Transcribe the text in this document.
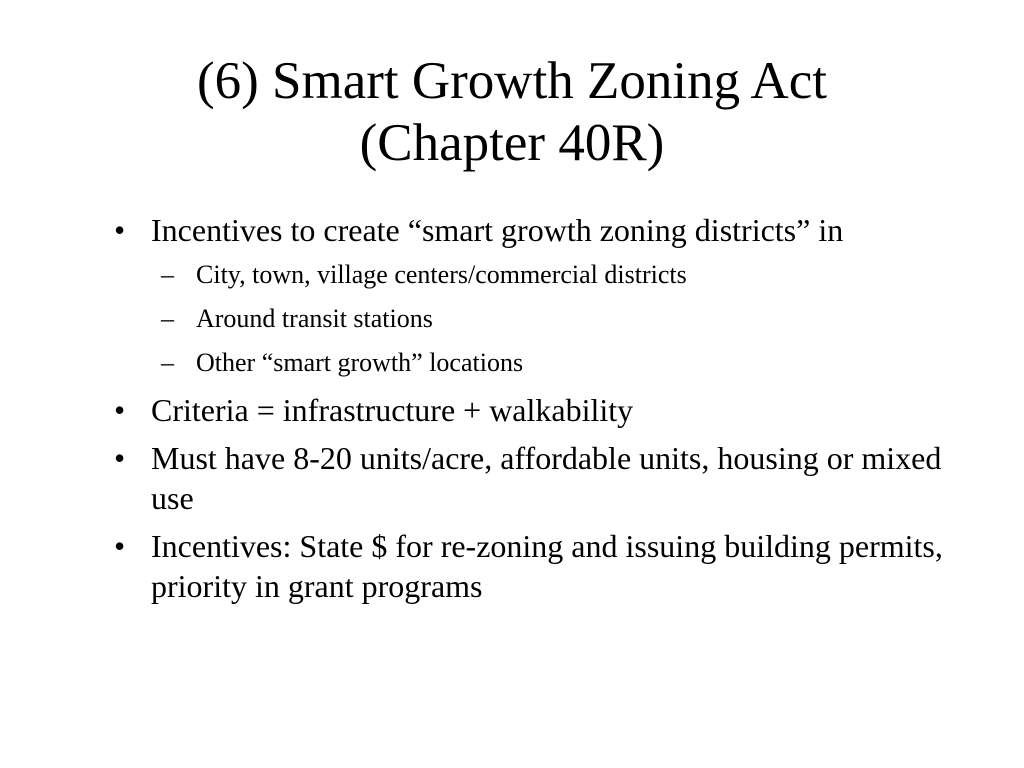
(6) Smart Growth Zoning Act
(Chapter 40R)
• Incentives to create “smart growth zoning districts” in
– City, town, village centers/commercial districts
– Around transit stations
– Other “smart growth” locations
• Criteria = infrastructure + walkability
• Must have 8-20 units/acre, affordable units, housing or mixed use
• Incentives: State $ for re-zoning and issuing building permits, priority in grant programs
